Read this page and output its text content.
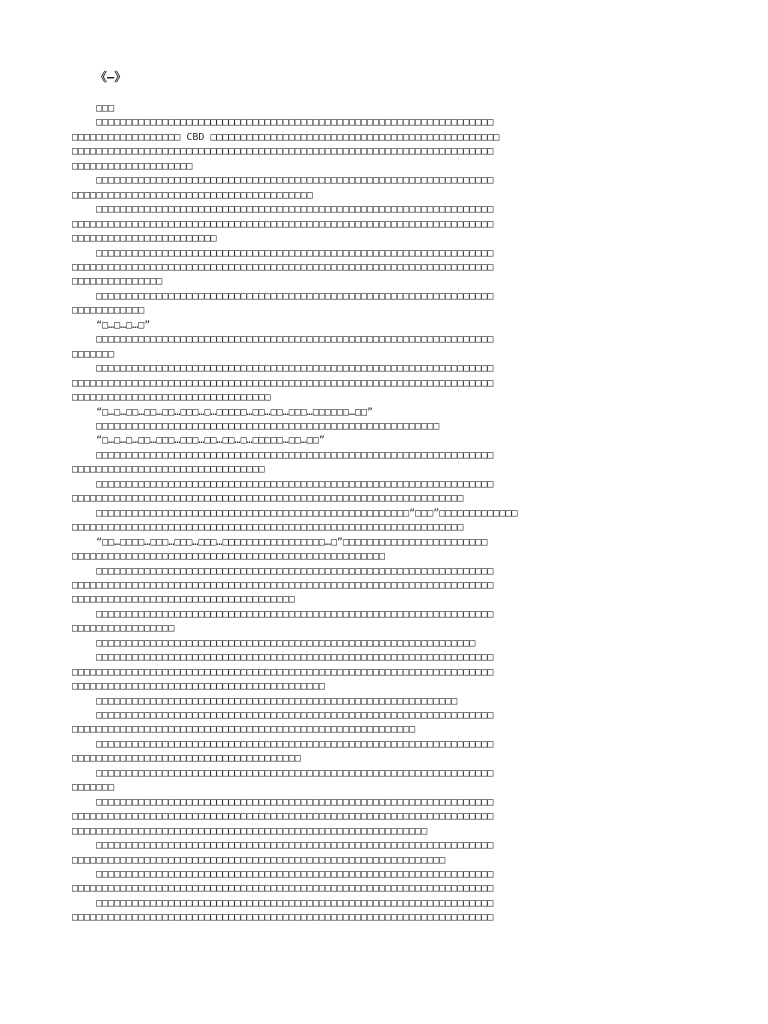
《—》
□□□
□□□□□□□□□□□□□□□□□□□□□□□□□□□□□□□□□□□□□□□□□□□□□□□□□□□□□□□□□□□□□□□□□□
□□□□□□□□□□□□□□□□□□ CBD □□□□□□□□□□□□□□□□□□□□□□□□□□□□□□□□□□□□□□□□□□□□□□□□
□□□□□□□□□□□□□□□□□□□□□□□□□□□□□□□□□□□□□□□□□□□□□□□□□□□□□□□□□□□□□□□□□□□□□□
□□□□□□□□□□□□□□□□□□□□
□□□□□□□□□□□□□□□□□□□□□□□□□□□□□□□□□□□□□□□□□□□□□□□□□□□□□□□□□□□□□□□□□□
□□□□□□□□□□□□□□□□□□□□□□□□□□□□□□□□□□□□□□□□
□□□□□□□□□□□□□□□□□□□□□□□□□□□□□□□□□□□□□□□□□□□□□□□□□□□□□□□□□□□□□□□□□□
□□□□□□□□□□□□□□□□□□□□□□□□□□□□□□□□□□□□□□□□□□□□□□□□□□□□□□□□□□□□□□□□□□□□□□
□□□□□□□□□□□□□□□□□□□□□□□□
□□□□□□□□□□□□□□□□□□□□□□□□□□□□□□□□□□□□□□□□□□□□□□□□□□□□□□□□□□□□□□□□□□
□□□□□□□□□□□□□□□□□□□□□□□□□□□□□□□□□□□□□□□□□□□□□□□□□□□□□□□□□□□□□□□□□□□□□□
□□□□□□□□□□□□□□□
□□□□□□□□□□□□□□□□□□□□□□□□□□□□□□□□□□□□□□□□□□□□□□□□□□□□□□□□□□□□□□□□□□
□□□□□□□□□□□□
“□…□…□…□”
□□□□□□□□□□□□□□□□□□□□□□□□□□□□□□□□□□□□□□□□□□□□□□□□□□□□□□□□□□□□□□□□□□
□□□□□□□
□□□□□□□□□□□□□□□□□□□□□□□□□□□□□□□□□□□□□□□□□□□□□□□□□□□□□□□□□□□□□□□□□□
□□□□□□□□□□□□□□□□□□□□□□□□□□□□□□□□□□□□□□□□□□□□□□□□□□□□□□□□□□□□□□□□□□□□□□
□□□□□□□□□□□□□□□□□□□□□□□□□□□□□□□□□
“□…□…□□…□□…□□…□□□…□…□□□□□…□□…□□…□□□…□□□□□□…□□”
□□□□□□□□□□□□□□□□□□□□□□□□□□□□□□□□□□□□□□□□□□□□□□□□□□□□□□□□□
“□…□…□…□□…□□□…□□□…□□…□□…□…□□□□□…□□…□□”
□□□□□□□□□□□□□□□□□□□□□□□□□□□□□□□□□□□□□□□□□□□□□□□□□□□□□□□□□□□□□□□□□□
□□□□□□□□□□□□□□□□□□□□□□□□□□□□□□□□
□□□□□□□□□□□□□□□□□□□□□□□□□□□□□□□□□□□□□□□□□□□□□□□□□□□□□□□□□□□□□□□□□□
□□□□□□□□□□□□□□□□□□□□□□□□□□□□□□□□□□□□□□□□□□□□□□□□□□□□□□□□□□□□□□□□□
□□□□□□□□□□□□□□□□□□□□□□□□□□□□□□□□□□□□□□□□□□□□□□□□□□□□“□□□”□□□□□□□□□□□□□
□□□□□□□□□□□□□□□□□□□□□□□□□□□□□□□□□□□□□□□□□□□□□□□□□□□□□□□□□□□□□□□□□
“□□…□□□□…□□□…□□□…□□□…□□□□□□□□□□□□□□□□□…□”□□□□□□□□□□□□□□□□□□□□□□□□
□□□□□□□□□□□□□□□□□□□□□□□□□□□□□□□□□□□□□□□□□□□□□□□□□□□□
□□□□□□□□□□□□□□□□□□□□□□□□□□□□□□□□□□□□□□□□□□□□□□□□□□□□□□□□□□□□□□□□□□
□□□□□□□□□□□□□□□□□□□□□□□□□□□□□□□□□□□□□□□□□□□□□□□□□□□□□□□□□□□□□□□□□□□□□□
□□□□□□□□□□□□□□□□□□□□□□□□□□□□□□□□□□□□□
□□□□□□□□□□□□□□□□□□□□□□□□□□□□□□□□□□□□□□□□□□□□□□□□□□□□□□□□□□□□□□□□□□
□□□□□□□□□□□□□□□□□
□□□□□□□□□□□□□□□□□□□□□□□□□□□□□□□□□□□□□□□□□□□□□□□□□□□□□□□□□□□□□□□
□□□□□□□□□□□□□□□□□□□□□□□□□□□□□□□□□□□□□□□□□□□□□□□□□□□□□□□□□□□□□□□□□□
□□□□□□□□□□□□□□□□□□□□□□□□□□□□□□□□□□□□□□□□□□□□□□□□□□□□□□□□□□□□□□□□□□□□□□
□□□□□□□□□□□□□□□□□□□□□□□□□□□□□□□□□□□□□□□□□□
□□□□□□□□□□□□□□□□□□□□□□□□□□□□□□□□□□□□□□□□□□□□□□□□□□□□□□□□□□□□
□□□□□□□□□□□□□□□□□□□□□□□□□□□□□□□□□□□□□□□□□□□□□□□□□□□□□□□□□□□□□□□□□□
□□□□□□□□□□□□□□□□□□□□□□□□□□□□□□□□□□□□□□□□□□□□□□□□□□□□□□□□□
□□□□□□□□□□□□□□□□□□□□□□□□□□□□□□□□□□□□□□□□□□□□□□□□□□□□□□□□□□□□□□□□□□
□□□□□□□□□□□□□□□□□□□□□□□□□□□□□□□□□□□□□□
□□□□□□□□□□□□□□□□□□□□□□□□□□□□□□□□□□□□□□□□□□□□□□□□□□□□□□□□□□□□□□□□□□
□□□□□□□
□□□□□□□□□□□□□□□□□□□□□□□□□□□□□□□□□□□□□□□□□□□□□□□□□□□□□□□□□□□□□□□□□□
□□□□□□□□□□□□□□□□□□□□□□□□□□□□□□□□□□□□□□□□□□□□□□□□□□□□□□□□□□□□□□□□□□□□□□
□□□□□□□□□□□□□□□□□□□□□□□□□□□□□□□□□□□□□□□□□□□□□□□□□□□□□□□□□□□
□□□□□□□□□□□□□□□□□□□□□□□□□□□□□□□□□□□□□□□□□□□□□□□□□□□□□□□□□□□□□□□□□□
□□□□□□□□□□□□□□□□□□□□□□□□□□□□□□□□□□□□□□□□□□□□□□□□□□□□□□□□□□□□□□
□□□□□□□□□□□□□□□□□□□□□□□□□□□□□□□□□□□□□□□□□□□□□□□□□□□□□□□□□□□□□□□□□□
□□□□□□□□□□□□□□□□□□□□□□□□□□□□□□□□□□□□□□□□□□□□□□□□□□□□□□□□□□□□□□□□□□□□□□
□□□□□□□□□□□□□□□□□□□□□□□□□□□□□□□□□□□□□□□□□□□□□□□□□□□□□□□□□□□□□□□□□□
□□□□□□□□□□□□□□□□□□□□□□□□□□□□□□□□□□□□□□□□□□□□□□□□□□□□□□□□□□□□□□□□□□□□□□
